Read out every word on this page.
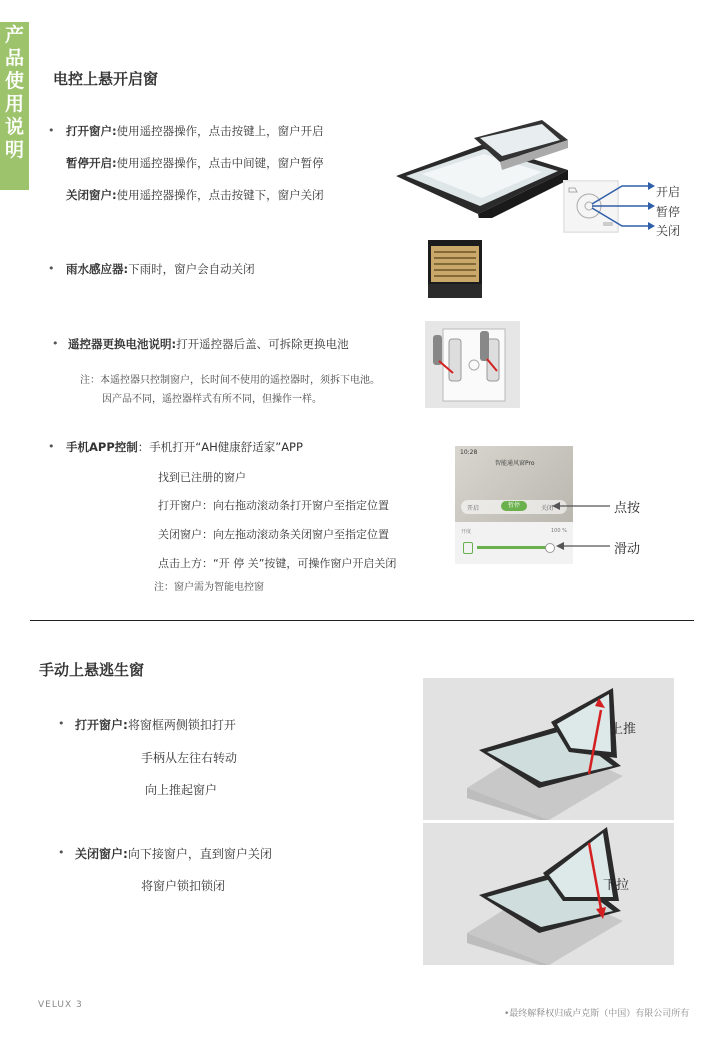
产
品
使
用
说
明
电控上悬开启窗
• 打开窗户:使用遥控器操作，点击按键上，窗户开启
暂停开启:使用遥控器操作，点击中间键，窗户暂停
关闭窗户:使用遥控器操作，点击按键下，窗户关闭	开启
暂停
关闭
• 雨水感应器:下雨时，窗户会自动关闭
• 遥控器更换电池说明:打开遥控器后盖、可拆除更换电池
注：本遥控器只控制窗户，长时间不使用的遥控器时，须拆下电池。
因产品不同，遥控器样式有所不同，但操作一样。
• 手机APP控制：手机打开“AH健康舒适家”APP
找到已注册的窗户
打开窗户：向右拖动滚动条打开窗户至指定位置
关闭窗户：向左拖动滚动条关闭窗户至指定位置
点击上方：“开 停 关”按键，可操作窗户开启关闭
注：窗户需为智能电控窗
10:28
智能通风窗Pro
开启	暂停	关闭
开度	100 %
点按
滑动
手动上悬逃生窗
• 打开窗户:将窗框两侧锁扣打开
手柄从左往右转动
向上推起窗户
• 关闭窗户:向下接窗户，直到窗户关闭
将窗户锁扣锁闭
上推
下拉
VELUX 3
•最终解释权归威卢克斯（中国）有限公司所有
